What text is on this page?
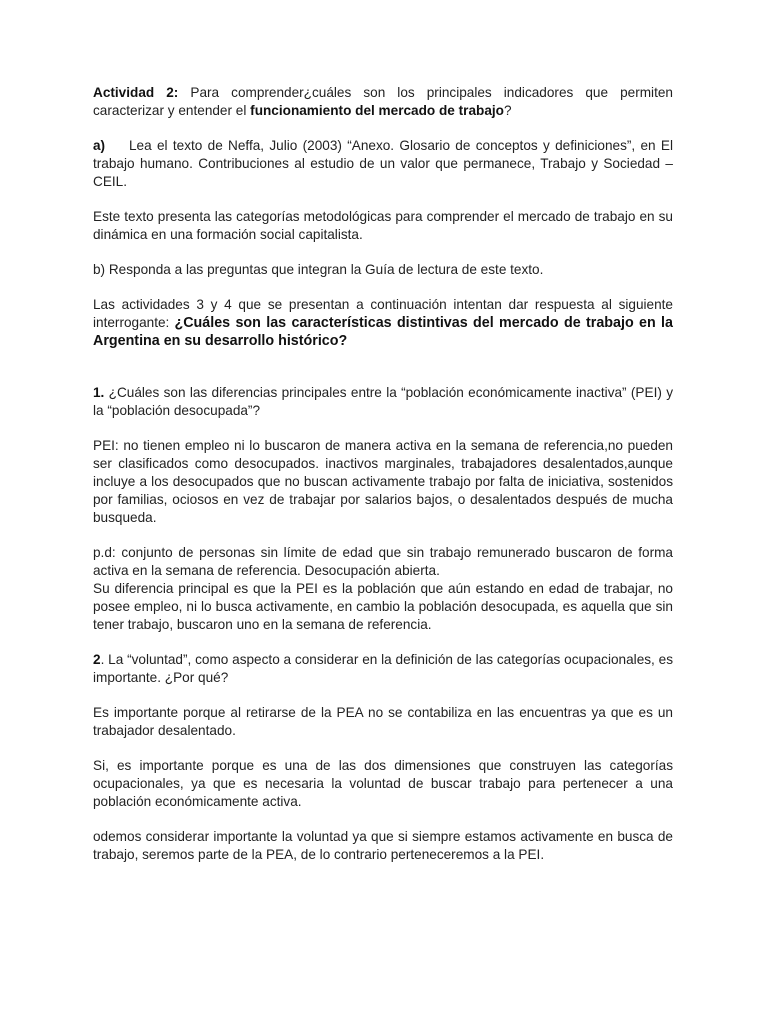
Actividad 2: Para comprender¿cuáles son los principales indicadores que permiten caracterizar y entender el funcionamiento del mercado de trabajo?

a) Lea el texto de Neffa, Julio (2003) “Anexo. Glosario de conceptos y definiciones”, en El trabajo humano. Contribuciones al estudio de un valor que permanece, Trabajo y Sociedad –CEIL.

Este texto presenta las categorías metodológicas para comprender el mercado de trabajo en su dinámica en una formación social capitalista.

b) Responda a las preguntas que integran la Guía de lectura de este texto.

Las actividades 3 y 4 que se presentan a continuación intentan dar respuesta al siguiente interrogante: ¿Cuáles son las características distintivas del mercado de trabajo en la Argentina en su desarrollo histórico?

1. ¿Cuáles son las diferencias principales entre la “población económicamente inactiva” (PEI) y la “población desocupada”?

PEI: no tienen empleo ni lo buscaron de manera activa en la semana de referencia,no pueden ser clasificados como desocupados. inactivos marginales, trabajadores desalentados,aunque incluye a los desocupados que no buscan activamente trabajo por falta de iniciativa, sostenidos por familias, ociosos en vez de trabajar por salarios bajos, o desalentados después de mucha busqueda.

p.d: conjunto de personas sin límite de edad que sin trabajo remunerado buscaron de forma activa en la semana de referencia. Desocupación abierta.

Su diferencia principal es que la PEI es la población que aún estando en edad de trabajar, no posee empleo, ni lo busca activamente, en cambio la población desocupada, es aquella que sin tener trabajo, buscaron uno en la semana de referencia.

2. La “voluntad”, como aspecto a considerar en la definición de las categorías ocupacionales, es importante. ¿Por qué?

Es importante porque al retirarse de la PEA no se contabiliza en las encuentras ya que es un trabajador desalentado.

Si, es importante porque es una de las dos dimensiones que construyen las categorías ocupacionales, ya que es necesaria la voluntad de buscar trabajo para pertenecer a una población económicamente activa.

odemos considerar importante la voluntad ya que si siempre estamos activamente en busca de trabajo, seremos parte de la PEA, de lo contrario perteneceremos a la PEI.
